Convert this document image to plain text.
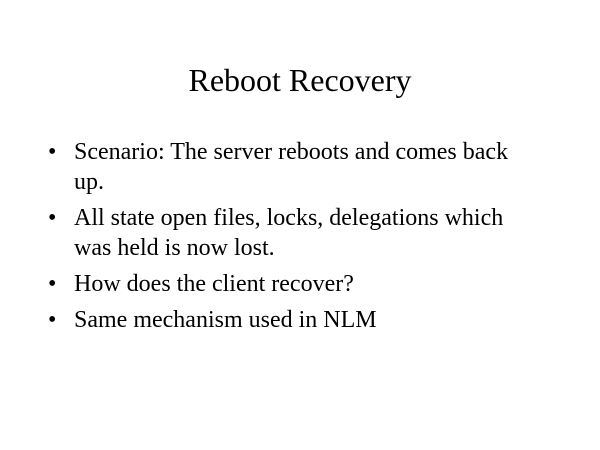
Reboot Recovery
• Scenario: The server reboots and comes back up.
• All state open files, locks, delegations which was held is now lost.
• How does the client recover?
• Same mechanism used in NLM
